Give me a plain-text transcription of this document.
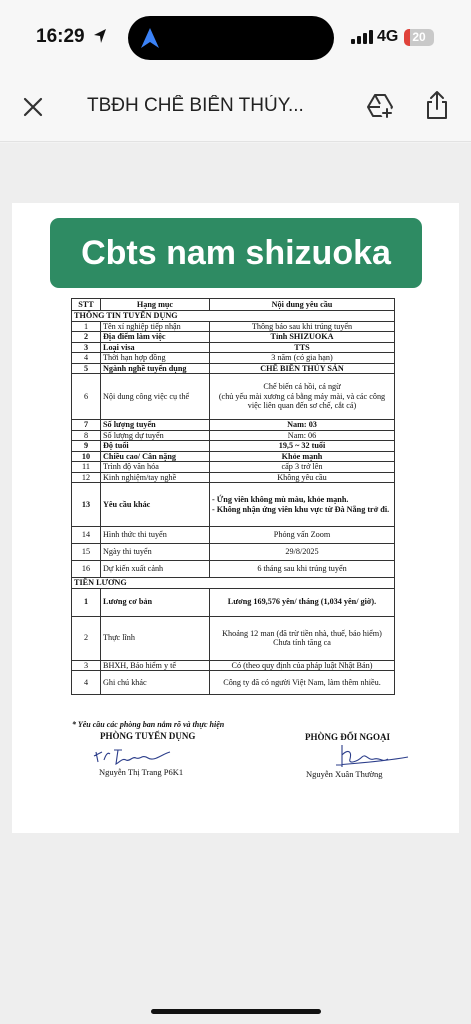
16:29	4G	20
TBĐH CHẾ BIẾN THỦY...
Cbts nam shizuoka
STT	Hạng mục	Nội dung yêu cầu
THÔNG TIN TUYỂN DỤNG		
1	Tên xí nghiệp tiếp nhận	Thông báo sau khi trúng tuyển
2	Địa điểm làm việc	Tỉnh SHIZUOKA
3	Loại visa	TTS
4	Thời hạn hợp đồng	3 năm (có gia hạn)
5	Ngành nghề tuyển dụng	CHẾ BIẾN THỦY SẢN
6	Nội dung công việc cụ thể	Chế biến cá hồi, cá ngừ
(chủ yếu mài xương cá bằng máy mài, và các công việc liên quan đến sơ chế, cắt cá)

7	Số lượng tuyển	Nam: 03
8	Số lượng dự tuyển	Nam: 06
9	Độ tuổi	19,5 ~ 32 tuổi
10	Chiều cao/ Cân nặng	Khỏe mạnh
11	Trình độ văn hóa	cấp 3 trở lên
12	Kinh nghiệm/tay nghề	Không yêu cầu
13	Yêu cầu khác	- Ứng viên không mù màu, khỏe mạnh.
- Không nhận ứng viên khu vực từ Đà Nẵng trở đi.

14	Hình thức thi tuyển	Phỏng vấn Zoom
15	Ngày thi tuyển	29/8/2025
16	Dự kiến xuất cảnh	6 tháng sau khi trúng tuyển
TIỀN LƯƠNG		
1	Lương cơ bản	Lương 169,576 yên/ tháng (1,034 yên/ giờ).
2	Thực lĩnh	Khoảng 12 man (đã trừ tiền nhà, thuế, bảo hiểm)
Chưa tính tăng ca

3	BHXH, Bảo hiểm y tế	Có (theo quy định của pháp luật Nhật Bản)
4	Ghi chú khác	Công ty đã có người Việt Nam, làm thêm nhiều.
* Yêu cầu các phòng ban nắm rõ và thực hiện
PHÒNG TUYỂN DỤNG	PHÒNG ĐỐI NGOẠI
Nguyễn Thị Trang P6K1	Nguyễn Xuân Thường
